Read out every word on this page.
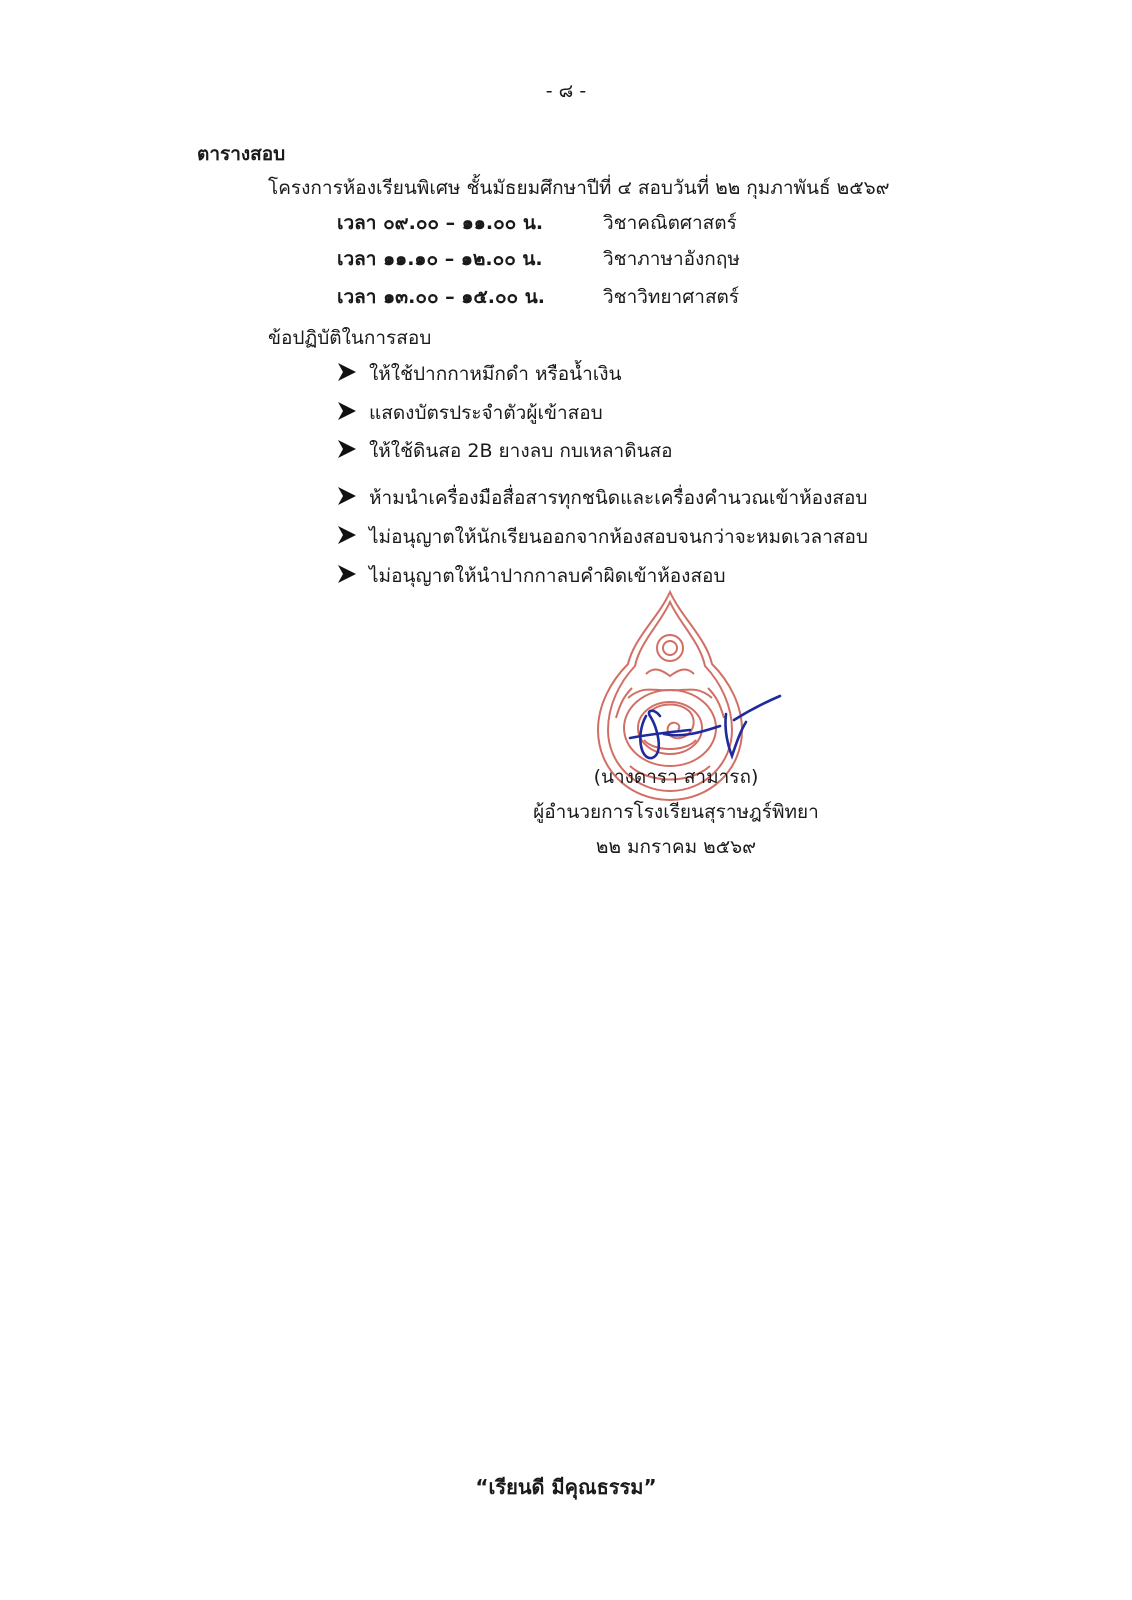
- ๘ -
ตารางสอบ
โครงการห้องเรียนพิเศษ ชั้นมัธยมศึกษาปีที่ ๔ สอบวันที่ ๒๒ กุมภาพันธ์ ๒๕๖๙
เวลา ๐๙.๐๐ – ๑๑.๐๐ น.	วิชาคณิตศาสตร์
เวลา ๑๑.๑๐ – ๑๒.๐๐ น.	วิชาภาษาอังกฤษ
เวลา ๑๓.๐๐ – ๑๕.๐๐ น.	วิชาวิทยาศาสตร์
ข้อปฏิบัติในการสอบ
ให้ใช้ปากกาหมึกดำ หรือน้ำเงิน
แสดงบัตรประจำตัวผู้เข้าสอบ
ให้ใช้ดินสอ 2B ยางลบ กบเหลาดินสอ
ห้ามนำเครื่องมือสื่อสารทุกชนิดและเครื่องคำนวณเข้าห้องสอบ
ไม่อนุญาตให้นักเรียนออกจากห้องสอบจนกว่าจะหมดเวลาสอบ
ไม่อนุญาตให้นำปากกาลบคำผิดเข้าห้องสอบ
(นางดารา สามารถ)
ผู้อำนวยการโรงเรียนสุราษฎร์พิทยา
๒๒ มกราคม ๒๕๖๙
“เรียนดี มีคุณธรรม”
